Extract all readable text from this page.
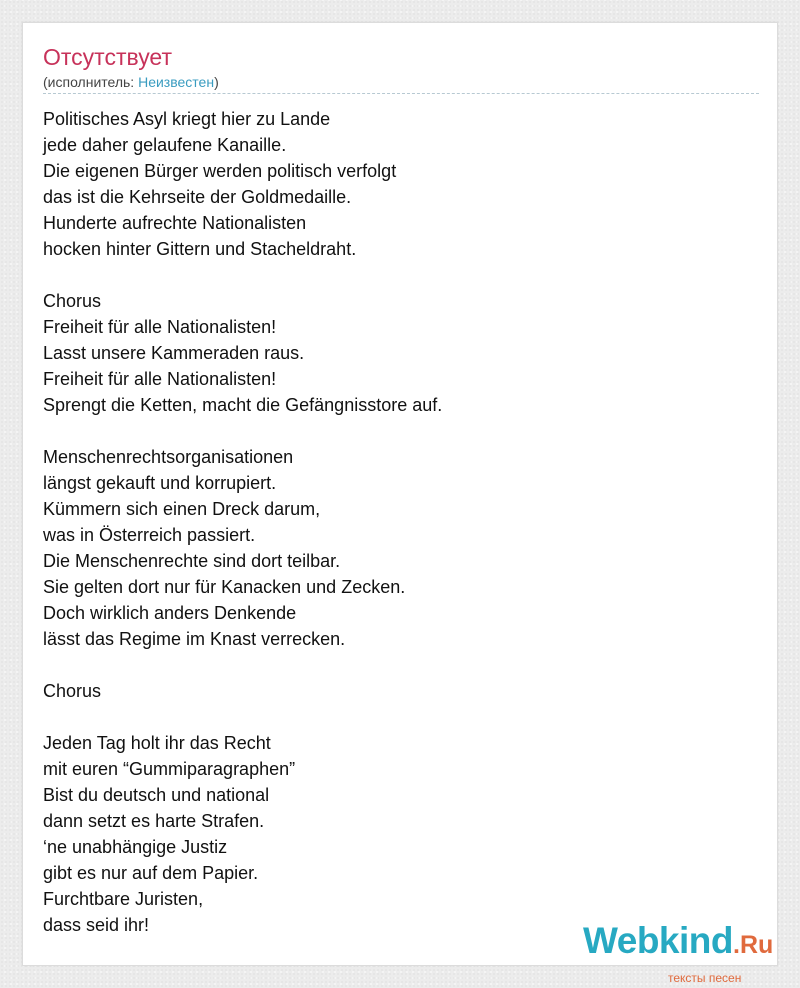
Отсутствует
(исполнитель: Неизвестен)
Politisches Asyl kriegt hier zu Lande
jede daher gelaufene Kanaille.
Die eigenen Bürger werden politisch verfolgt
das ist die Kehrseite der Goldmedaille.
Hunderte aufrechte Nationalisten
hocken hinter Gittern und Stacheldraht.
Chorus
Freiheit für alle Nationalisten!
Lasst unsere Kammeraden raus.
Freiheit für alle Nationalisten!
Sprengt die Ketten, macht die Gefängnisstore auf.
Menschenrechtsorganisationen
längst gekauft und korrupiert.
Kümmern sich einen Dreck darum,
was in Österreich passiert.
Die Menschenrechte sind dort teilbar.
Sie gelten dort nur für Kanacken und Zecken.
Doch wirklich anders Denkende
lässt das Regime im Knast verrecken.
Chorus
Jeden Tag holt ihr das Recht
mit euren “Gummiparagraphen”
Bist du deutsch und national
dann setzt es harte Strafen.
‘ne unabhängige Justiz
gibt es nur auf dem Papier.
Furchtbare Juristen,
dass seid ihr!	Webkind.Ru
тексты песен
